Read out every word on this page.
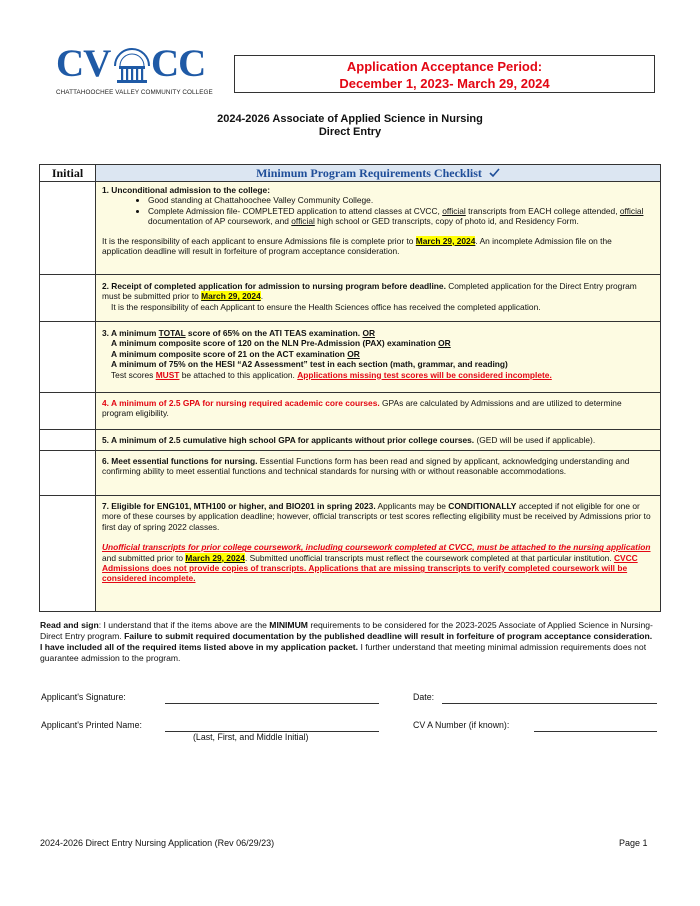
CV CC
CHATTAHOOCHEE VALLEY COMMUNITY COLLEGE
Application Acceptance Period:
December 1, 2023- March 29, 2024
2024-2026 Associate of Applied Science in Nursing
Direct Entry
Initial	Minimum Program Requirements Checklist

1. Unconditional admission to the college:

• Good standing at Chattahoochee Valley Community College.
• Complete Admission file- COMPLETED application to attend classes at CVCC, official transcripts from EACH college attended, official documentation of AP coursework, and official high school or GED transcripts, copy of photo id, and Residency Form.

It is the responsibility of each applicant to ensure Admissions file is complete prior to March 29, 2024. An incomplete Admission file on the application deadline will result in forfeiture of program acceptance consideration.

2. Receipt of completed application for admission to nursing program before deadline. Completed application for the Direct Entry program must be submitted prior to March 29, 2024.

It is the responsibility of each Applicant to ensure the Health Sciences office has received the completed application.

3. A minimum TOTAL score of 65% on the ATI TEAS examination. OR

A minimum composite score of 120 on the NLN Pre-Admission (PAX) examination OR

A minimum composite score of 21 on the ACT examination OR

A minimum of 75% on the HESI “A2 Assessment” test in each section (math, grammar, and reading)

Test scores MUST be attached to this application. Applications missing test scores will be considered incomplete.

4. A minimum of 2.5 GPA for nursing required academic core courses. GPAs are calculated by Admissions and are utilized to determine program eligibility.

5. A minimum of 2.5 cumulative high school GPA for applicants without prior college courses. (GED will be used if applicable).

6. Meet essential functions for nursing. Essential Functions form has been read and signed by applicant, acknowledging understanding and confirming ability to meet essential functions and technical standards for nursing with or without reasonable accommodations.

7. Eligible for ENG101, MTH100 or higher, and BIO201 in spring 2023. Applicants may be CONDITIONALLY accepted if not eligible for one or more of these courses by application deadline; however, official transcripts or test scores reflecting eligibility must be received by Admissions prior to first day of spring 2022 classes.

Unofficial transcripts for prior college coursework, including coursework completed at CVCC, must be attached to the nursing application and submitted prior to March 29, 2024. Submitted unofficial transcripts must reflect the coursework completed at that particular institution. CVCC Admissions does not provide copies of transcripts. Applications that are missing transcripts to verify completed coursework will be considered incomplete.

Read and sign: I understand that if the items above are the MINIMUM requirements to be considered for the 2023-2025 Associate of Applied Science in Nursing- Direct Entry program. Failure to submit required documentation by the published deadline will result in forfeiture of program acceptance consideration.

I have included all of the required items listed above in my application packet. I further understand that meeting minimal admission requirements does not guarantee admission to the program.

Applicant's Signature:	Date:
Applicant's Printed Name:	CV A Number (if known):
(Last, First, and Middle Initial)
2024-2026 Direct Entry Nursing Application (Rev 06/29/23)	Page 1
